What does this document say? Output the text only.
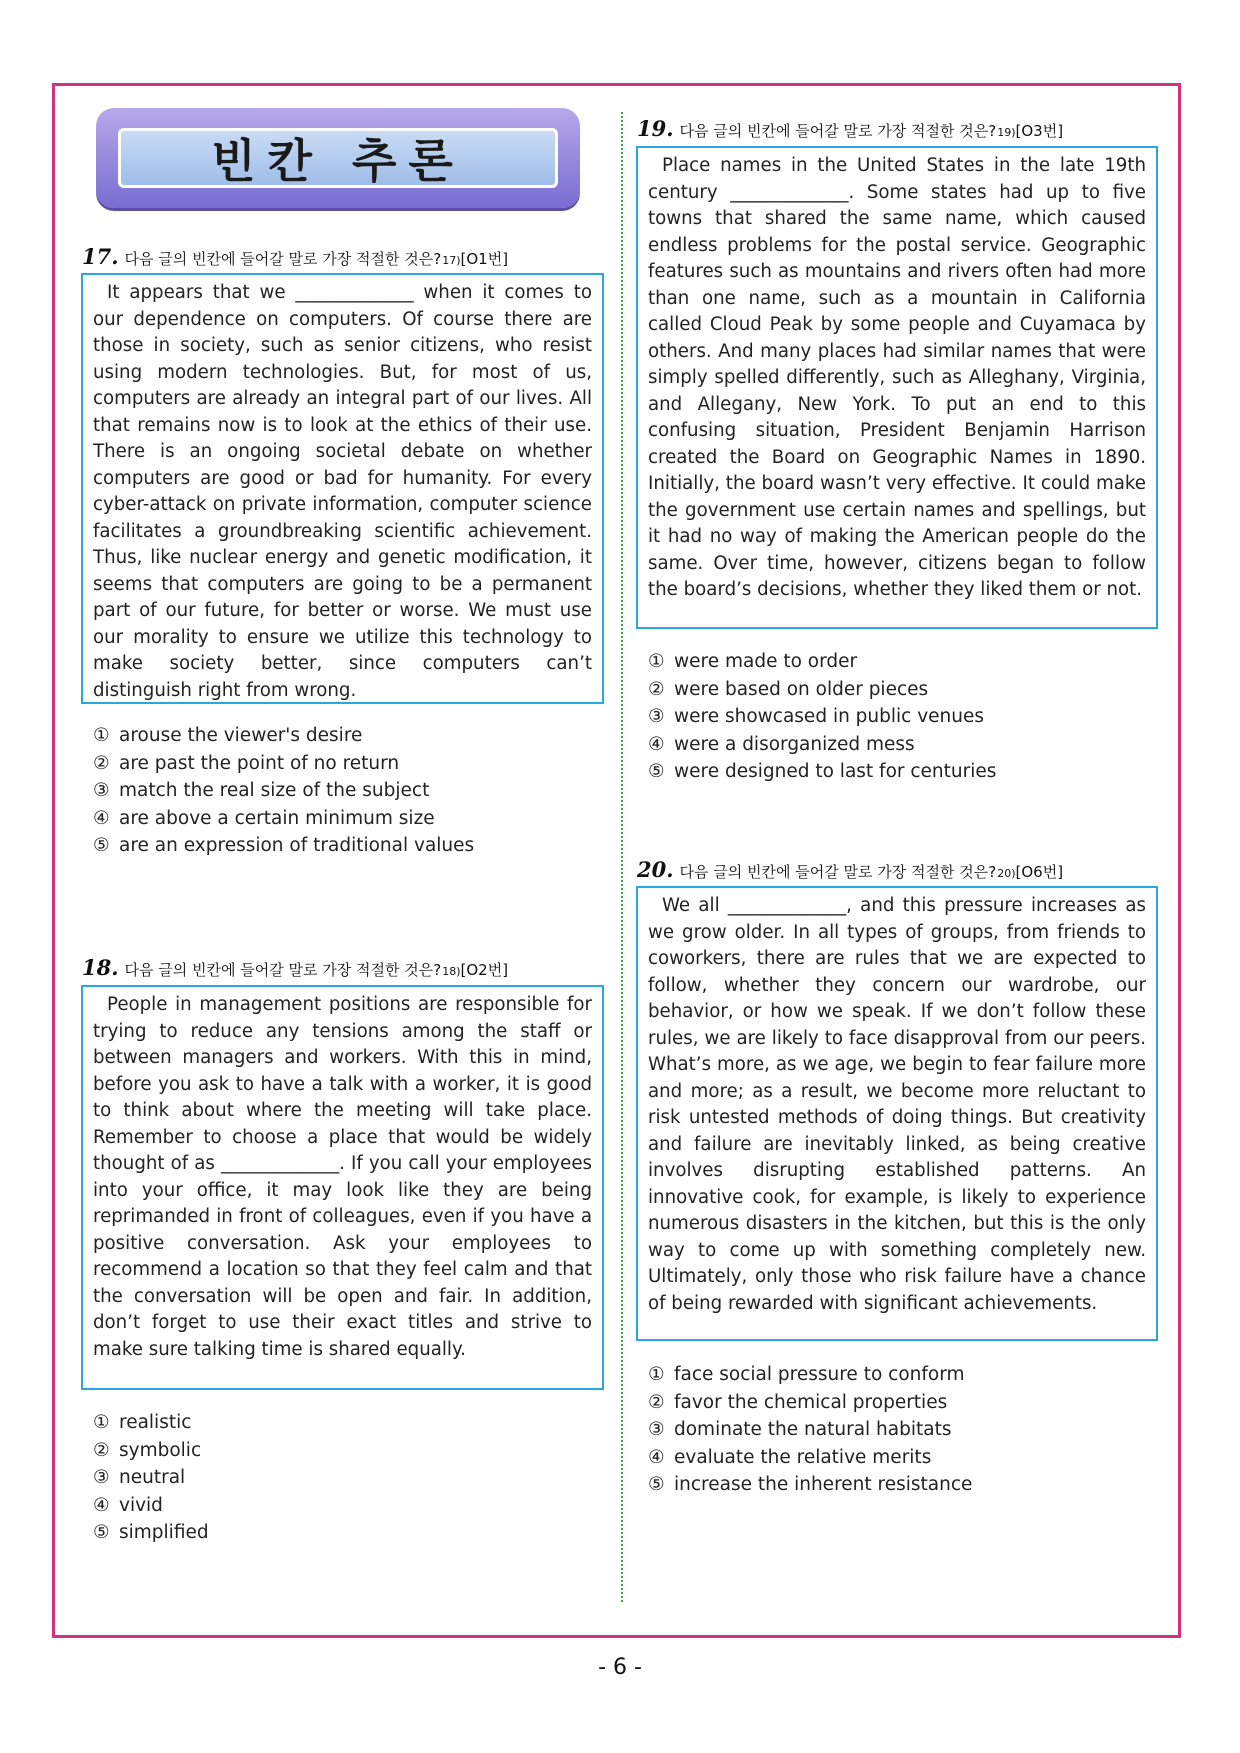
빈칸 추론
17. 다음 글의 빈칸에 들어갈 말로 가장 적절한 것은? 17) [O1번]

It appears that we _____________ when it comes to our dependence on computers. Of course there are those in society, such as senior citizens, who resist using modern technologies. But, for most of us, computers are already an integral part of our lives. All that remains now is to look at the ethics of their use. There is an ongoing societal debate on whether computers are good or bad for humanity. For every cyber-attack on private information, computer science facilitates a groundbreaking scientific achievement. Thus, like nuclear energy and genetic modification, it seems that computers are going to be a permanent part of our future, for better or worse. We must use our morality to ensure we utilize this technology to make society better, since computers can’t distinguish right from wrong.

① arouse the viewer's desire
② are past the point of no return
③ match the real size of the subject
④ are above a certain minimum size
⑤ are an expression of traditional values
18. 다음 글의 빈칸에 들어갈 말로 가장 적절한 것은? 18) [O2번]

People in management positions are responsible for trying to reduce any tensions among the staff or between managers and workers. With this in mind, before you ask to have a talk with a worker, it is good to think about where the meeting will take place. Remember to choose a place that would be widely thought of as _____________. If you call your employees into your office, it may look like they are being reprimanded in front of colleagues, even if you have a positive conversation. Ask your employees to recommend a location so that they feel calm and that the conversation will be open and fair. In addition, don’t forget to use their exact titles and strive to make sure talking time is shared equally.

① realistic
② symbolic
③ neutral
④ vivid
⑤ simplified
19. 다음 글의 빈칸에 들어갈 말로 가장 적절한 것은? 19) [O3번]

Place names in the United States in the late 19th century _____________. Some states had up to five towns that shared the same name, which caused endless problems for the postal service. Geographic features such as mountains and rivers often had more than one name, such as a mountain in California called Cloud Peak by some people and Cuyamaca by others. And many places had similar names that were simply spelled differently, such as Alleghany, Virginia, and Allegany, New York. To put an end to this confusing situation, President Benjamin Harrison created the Board on Geographic Names in 1890. Initially, the board wasn’t very effective. It could make the government use certain names and spellings, but it had no way of making the American people do the same. Over time, however, citizens began to follow the board’s decisions, whether they liked them or not.

① were made to order
② were based on older pieces
③ were showcased in public venues
④ were a disorganized mess
⑤ were designed to last for centuries
20. 다음 글의 빈칸에 들어갈 말로 가장 적절한 것은? 20) [O6번]

We all _____________, and this pressure increases as we grow older. In all types of groups, from friends to coworkers, there are rules that we are expected to follow, whether they concern our wardrobe, our behavior, or how we speak. If we don’t follow these rules, we are likely to face disapproval from our peers. What’s more, as we age, we begin to fear failure more and more; as a result, we become more reluctant to risk untested methods of doing things. But creativity and failure are inevitably linked, as being creative involves disrupting established patterns. An innovative cook, for example, is likely to experience numerous disasters in the kitchen, but this is the only way to come up with something completely new. Ultimately, only those who risk failure have a chance of being rewarded with significant achievements.

① face social pressure to conform
② favor the chemical properties
③ dominate the natural habitats
④ evaluate the relative merits
⑤ increase the inherent resistance
- 6 -
